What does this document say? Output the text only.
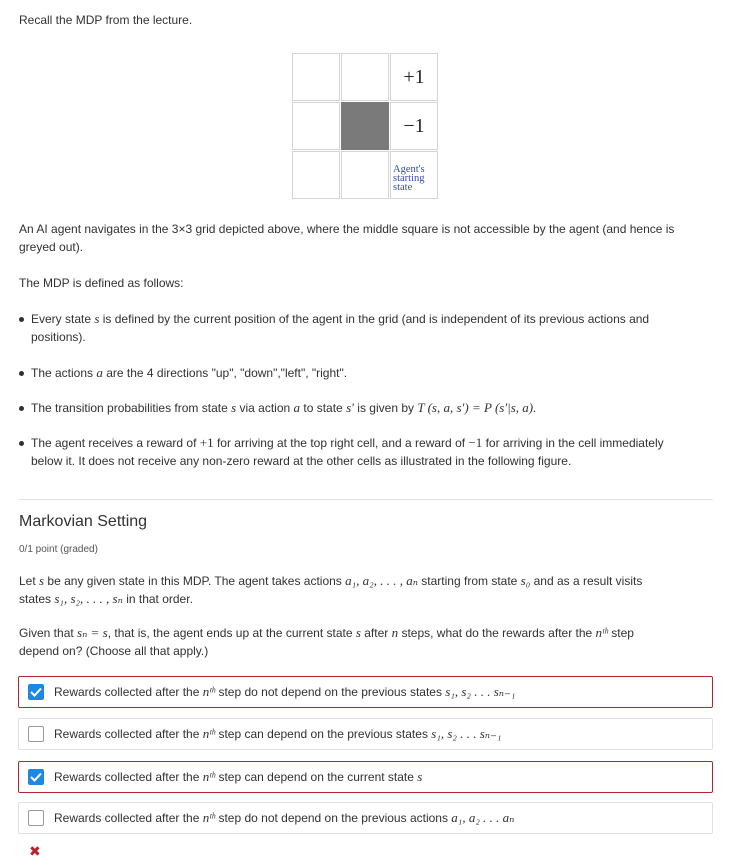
Recall the MDP from the lecture.
+1
−1
Agent's
starting
state
An AI agent navigates in the 3×3 grid depicted above, where the middle square is not accessible by the agent (and hence is
greyed out).
The MDP is defined as follows:
Every state s is defined by the current position of the agent in the grid (and is independent of its previous actions and
positions).
The actions a are the 4 directions "up", "down","left", "right".
The transition probabilities from state s via action a to state s′ is given by T (s, a, s′) = P (s′|s, a).
The agent receives a reward of +1 for arriving at the top right cell, and a reward of −1 for arriving in the cell immediately
below it. It does not receive any non-zero reward at the other cells as illustrated in the following figure.
Markovian Setting
0/1 point (graded)
Let s be any given state in this MDP. The agent takes actions a₁, a₂, . . . , aₙ starting from state s₀ and as a result visits
states s₁, s₂, . . . , sₙ in that order.
Given that sₙ = s, that is, the agent ends up at the current state s after n steps, what do the rewards after the nᵗʰ step
depend on? (Choose all that apply.)
Rewards collected after the nᵗʰ step do not depend on the previous states s₁, s₂ . . . sₙ₋₁
Rewards collected after the nᵗʰ step can depend on the previous states s₁, s₂ . . . sₙ₋₁
Rewards collected after the nᵗʰ step can depend on the current state s
Rewards collected after the nᵗʰ step do not depend on the previous actions a₁, a₂ . . . aₙ
✖
